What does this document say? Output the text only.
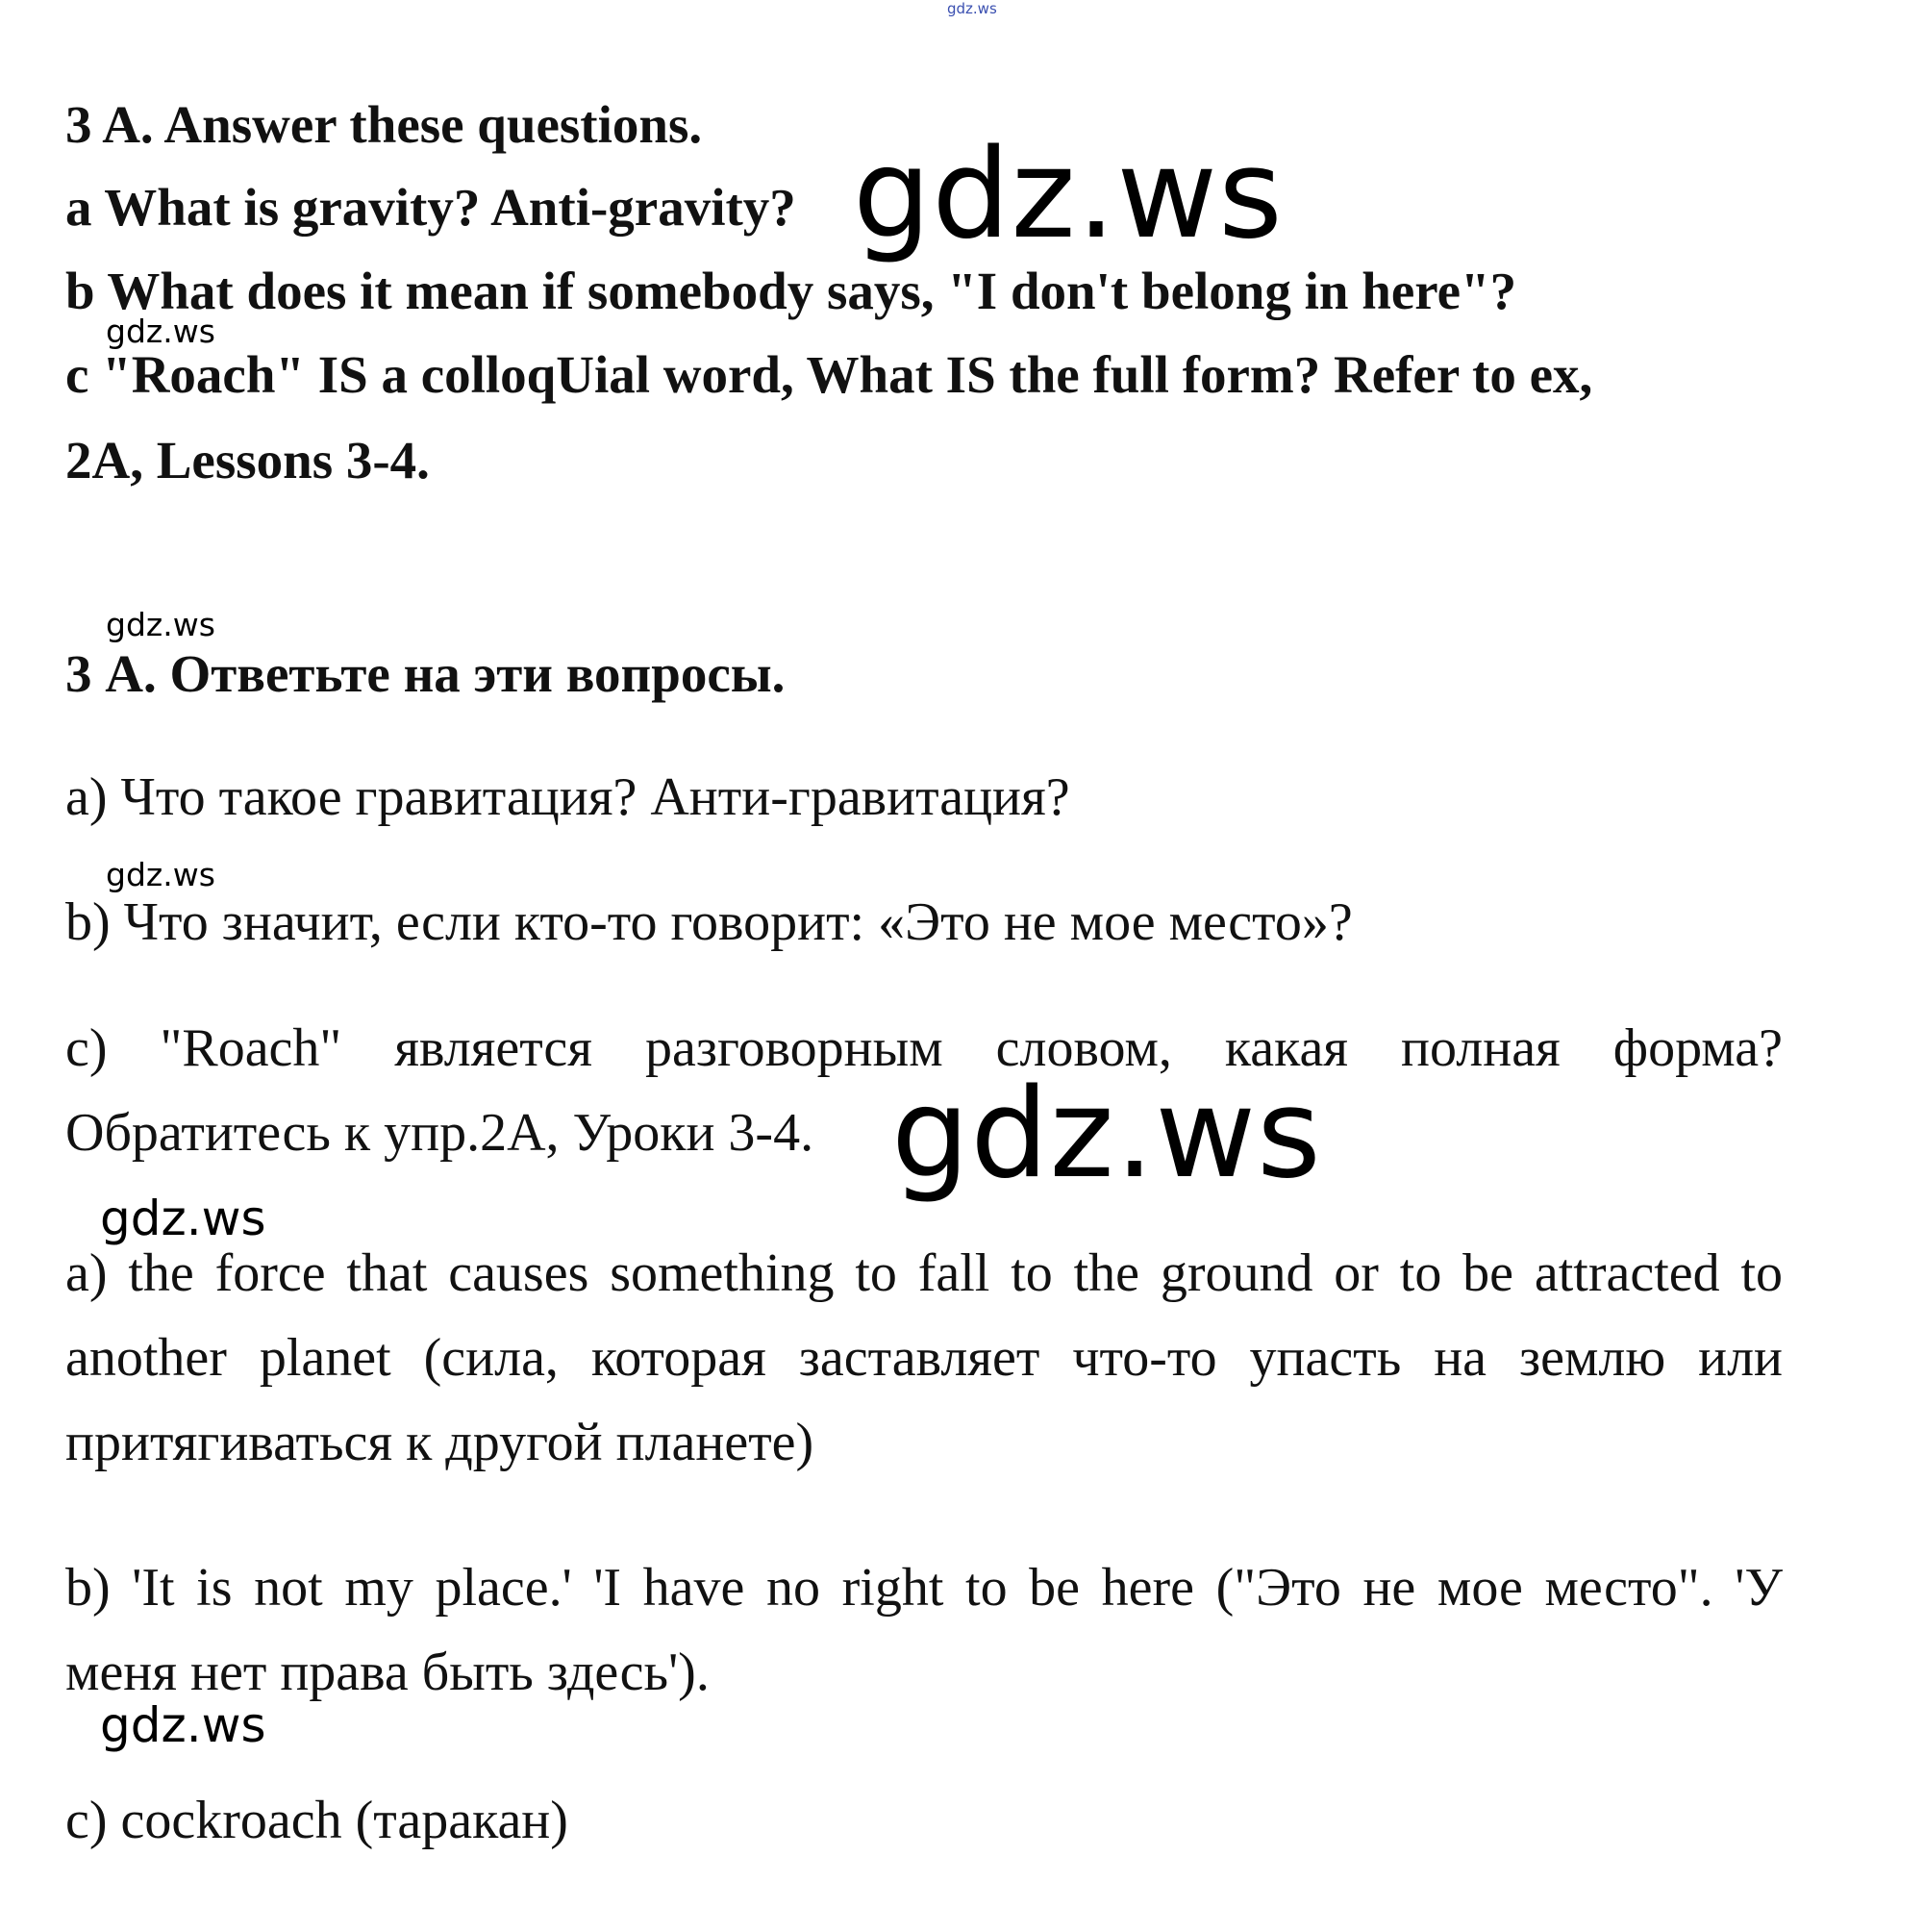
gdz.ws
3 A. Answer these questions.
a What is gravity? Anti-gravity? gdz.ws
b What does it mean if somebody says, "I don't belong in here"?
gdz.ws
c "Roach" IS a colloqUial word, What IS the full form? Refer to ex,
2A, Lessons 3-4.
gdz.ws
3 А. Ответьте на эти вопросы.
a) Что такое гравитация? Анти-гравитация?
gdz.ws
b) Что значит, если кто-то говорит: «Это не мое место»?
c) "Roach" является разговорным словом, какая полная форма?
Обратитесь к упр.2A, Уроки 3-4. gdz.ws
gdz.ws
a) the force that causes something to fall to the ground or to be attracted to
another planet (сила, которая заставляет что-то упасть на землю или
притягиваться к другой планете)
b) 'It is not my place.' 'I have no right to be here ("Это не мое место". 'У
меня нет права быть здесь').
gdz.ws
c) cockroach (таракан)
